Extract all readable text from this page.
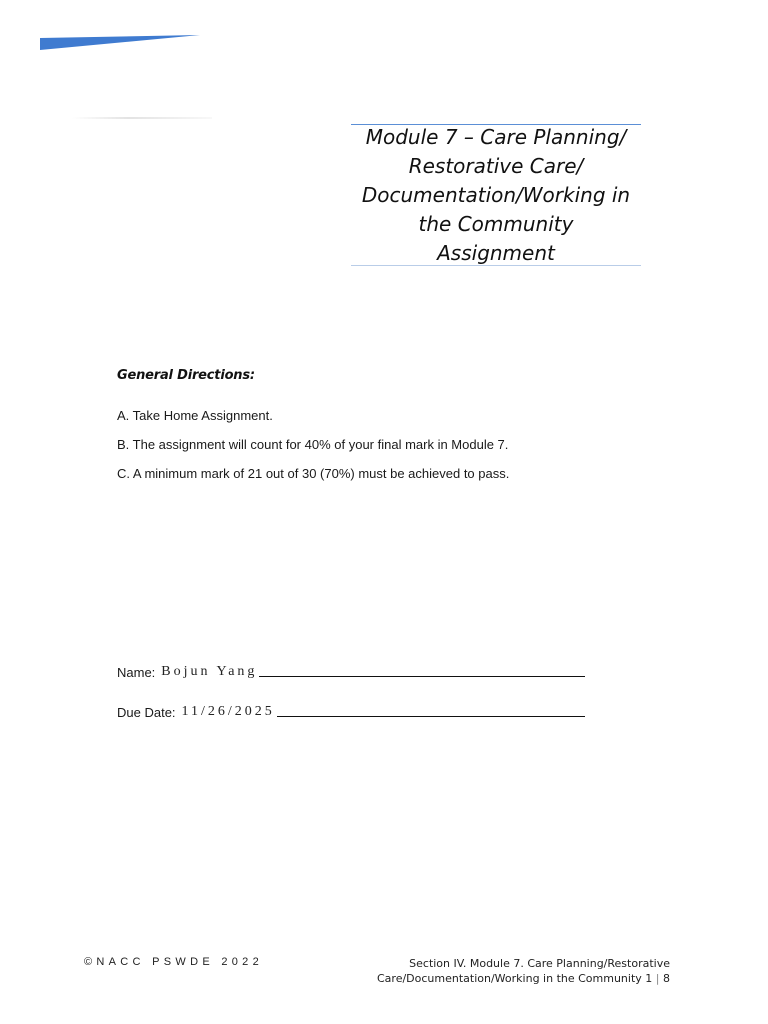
Module 7 – Care Planning/
Restorative Care/
Documentation/Working in
the Community Assignment
General Directions:
A. Take Home Assignment.
B. The assignment will count for 40% of your final mark in Module 7.
C. A minimum mark of 21 out of 30 (70%) must be achieved to pass.
Name: Bojun Yang
Due Date: 11/26/2025
©NACC PSWDE 2022	Section IV. Module 7. Care Planning/Restorative
Care/Documentation/Working in the Community 1 | 8
